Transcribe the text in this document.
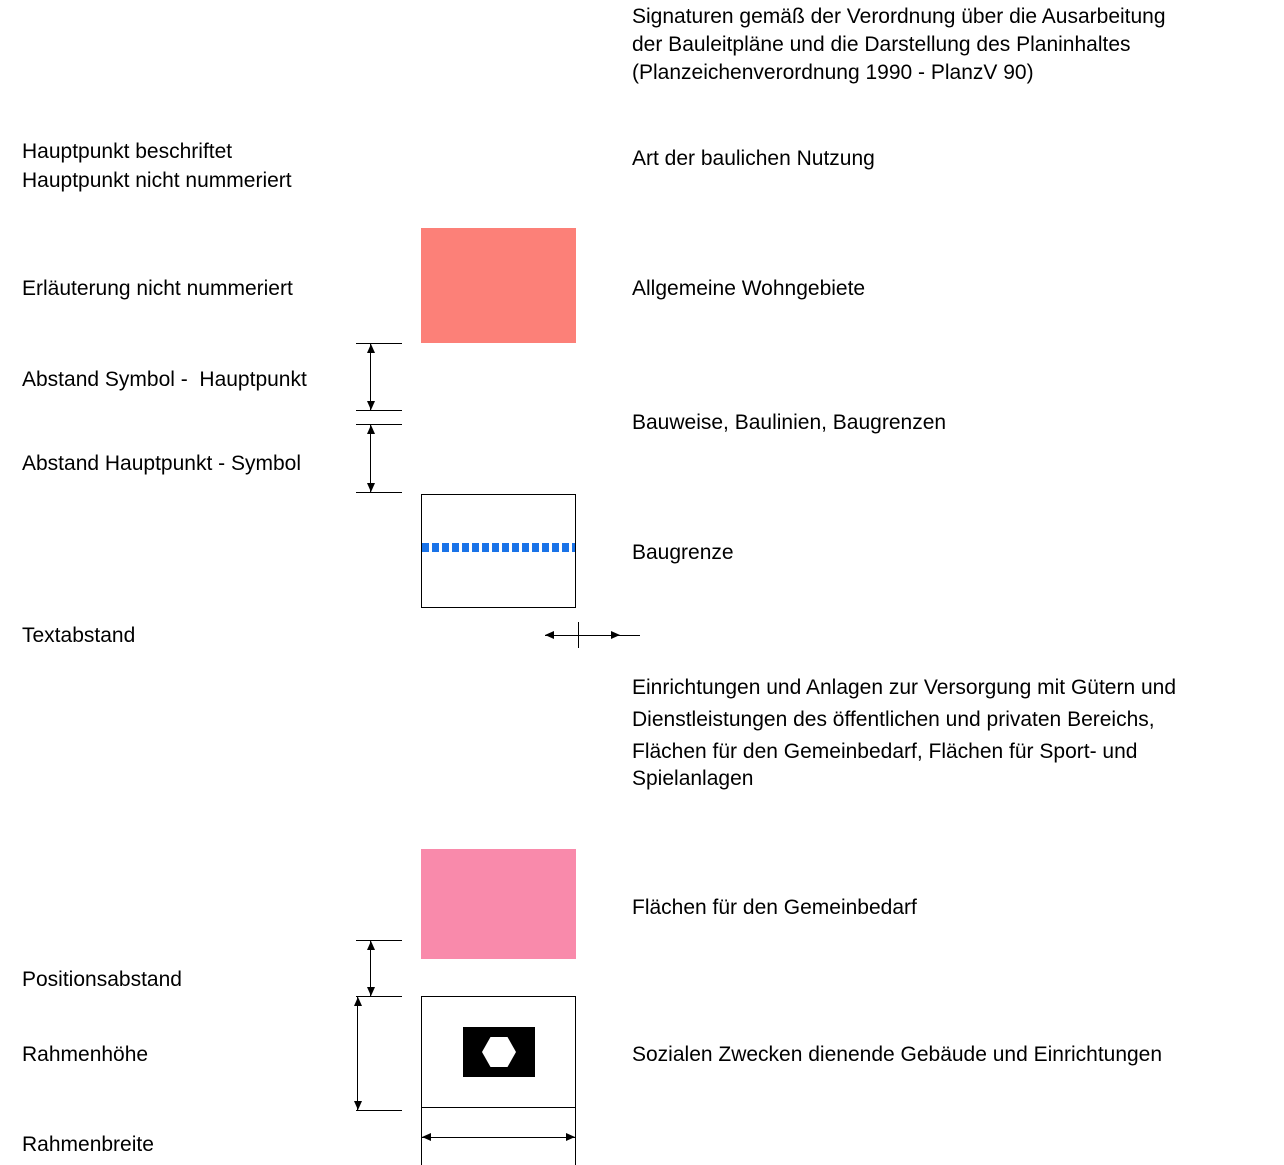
Signaturen gemäß der Verordnung über die Ausarbeitung
der Bauleitpläne und die Darstellung des Planinhaltes
(Planzeichenverordnung 1990 - PlanzV 90)
Hauptpunkt beschriftet
Hauptpunkt nicht nummeriert
Erläuterung nicht nummeriert
Abstand Symbol -  Hauptpunkt
Abstand Hauptpunkt - Symbol
Textabstand
Positionsabstand
Rahmenhöhe
Rahmenbreite
Art der baulichen Nutzung
Allgemeine Wohngebiete
Bauweise, Baulinien, Baugrenzen
Baugrenze
Einrichtungen und Anlagen zur Versorgung mit Gütern und
Dienstleistungen des öffentlichen und privaten Bereichs,
Flächen für den Gemeinbedarf, Flächen für Sport- und
Spielanlagen
Flächen für den Gemeinbedarf
Sozialen Zwecken dienende Gebäude und Einrichtungen
